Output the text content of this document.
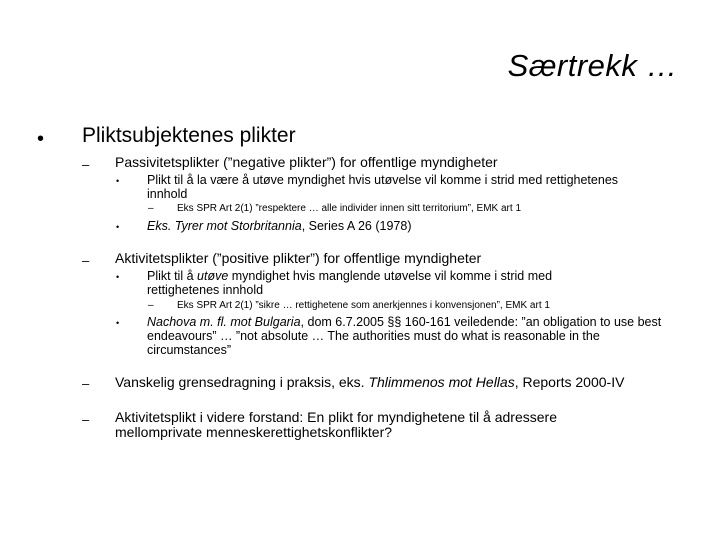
Særtrekk …
• Pliktsubjektenes plikter
– Passivitetsplikter (”negative plikter”) for offentlige myndigheter
• Plikt til å la være å utøve myndighet hvis utøvelse vil komme i strid med rettighetenes innhold
– Eks SPR Art 2(1) ”respektere … alle individer innen sitt territorium”, EMK art 1
• Eks. Tyrer mot Storbritannia, Series A 26 (1978)
– Aktivitetsplikter (”positive plikter”) for offentlige myndigheter
• Plikt til å utøve myndighet hvis manglende utøvelse vil komme i strid med rettighetenes innhold
– Eks SPR Art 2(1) ”sikre … rettighetene som anerkjennes i konvensjonen”, EMK art 1
• Nachova m. fl. mot Bulgaria, dom 6.7.2005 §§ 160-161 veiledende: ”an obligation to use best endeavours” … ”not absolute … The authorities must do what is reasonable in the circumstances”
– Vanskelig grensedragning i praksis, eks. Thlimmenos mot Hellas, Reports 2000-IV
– Aktivitetsplikt i videre forstand: En plikt for myndighetene til å adressere mellomprivate menneskerettighetskonflikter?
